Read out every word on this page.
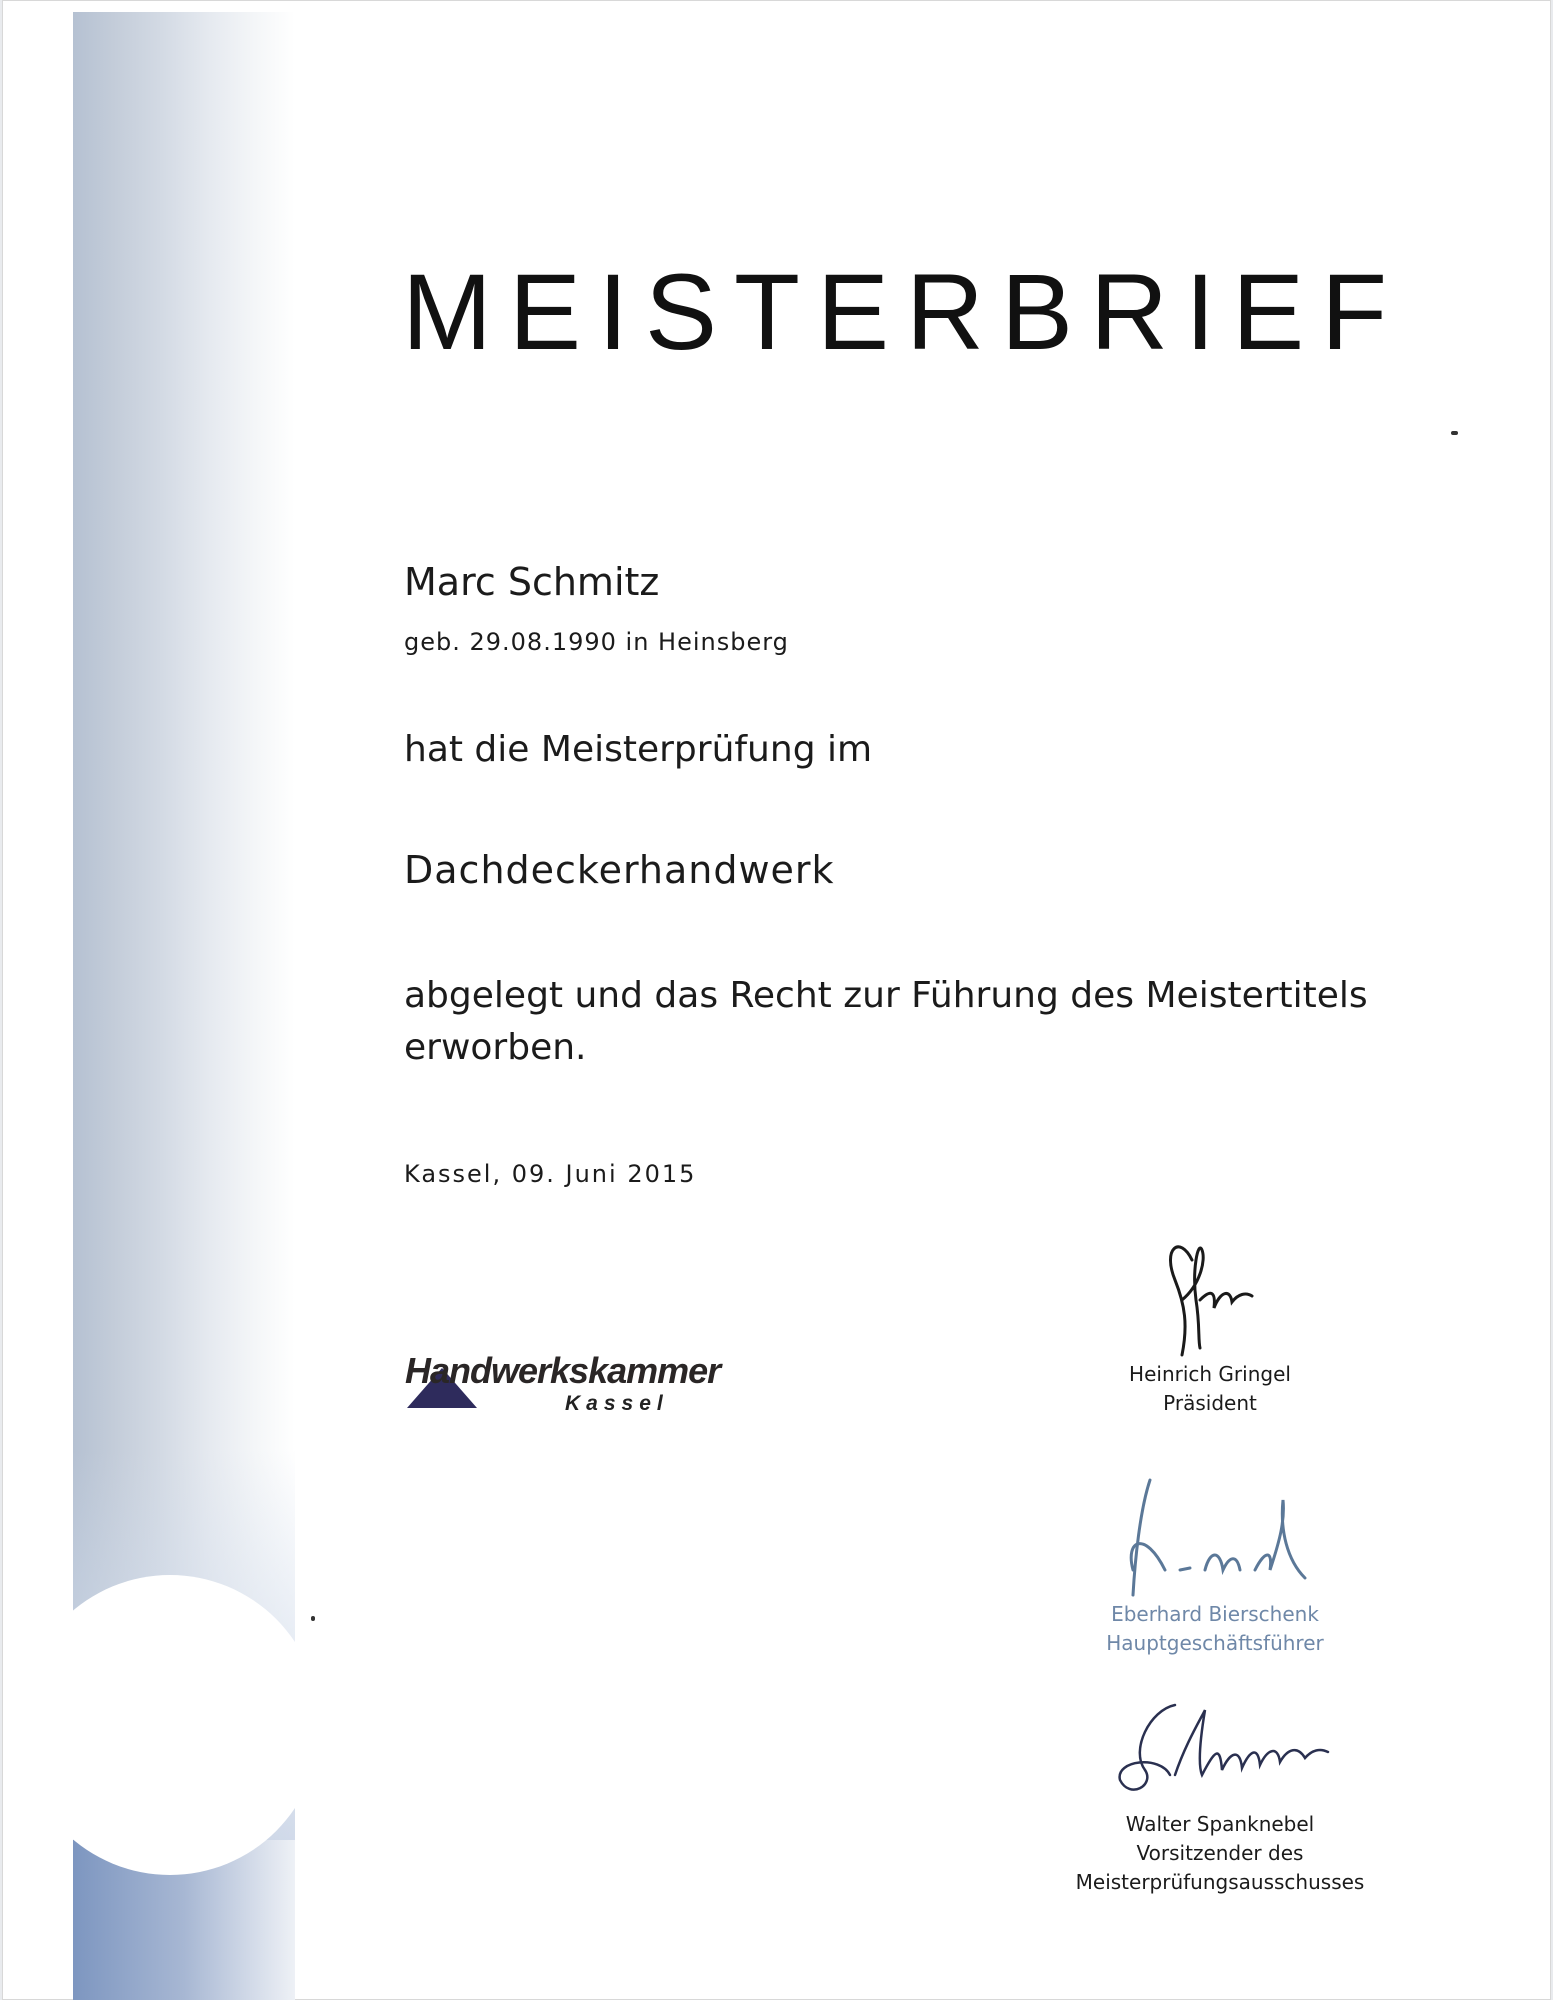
MEISTERBRIEF

Marc Schmitz

geb. 29.08.1990 in Heinsberg
hat die Meisterprüfung im
Dachdeckerhandwerk
abgelegt und das Recht zur Führung des Meistertitels
erworben.
Kassel, 09. Juni 2015
Handwerkskammer
Kassel
Heinrich Gringel
Präsident
Eberhard Bierschenk
Hauptgeschäftsführer
Walter Spanknebel
Vorsitzender des
Meisterprüfungsausschusses
